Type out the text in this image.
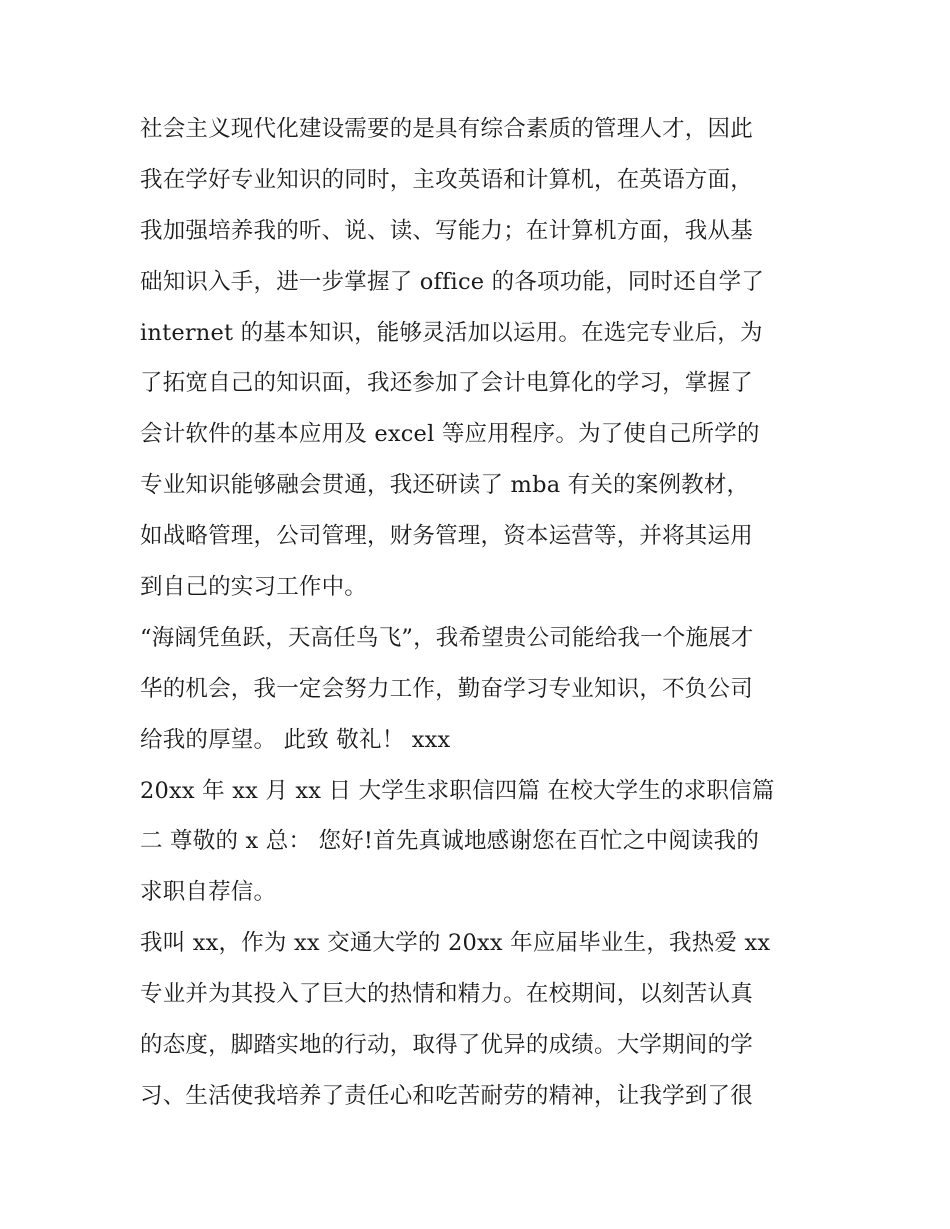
社会主义现代化建设需要的是具有综合素质的管理人才，因此
我在学好专业知识的同时，主攻英语和计算机，在英语方面，
我加强培养我的听、说、读、写能力；在计算机方面，我从基
础知识入手，进一步掌握了 office 的各项功能，同时还自学了
internet 的基本知识，能够灵活加以运用。在选完专业后，为
了拓宽自己的知识面，我还参加了会计电算化的学习，掌握了
会计软件的基本应用及 excel 等应用程序。为了使自己所学的
专业知识能够融会贯通，我还研读了 mba 有关的案例教材，
如战略管理，公司管理，财务管理，资本运营等，并将其运用
到自己的实习工作中。
“海阔凭鱼跃，天高任鸟飞”，我希望贵公司能给我一个施展才
华的机会，我一定会努力工作，勤奋学习专业知识，不负公司
给我的厚望。 此致 敬礼！ xxx
20xx 年 xx 月 xx 日 大学生求职信四篇 在校大学生的求职信篇
二 尊敬的 x 总： 您好!首先真诚地感谢您在百忙之中阅读我的
求职自荐信。
我叫 xx，作为 xx 交通大学的 20xx 年应届毕业生，我热爱 xx
专业并为其投入了巨大的热情和精力。在校期间，以刻苦认真
的态度，脚踏实地的行动，取得了优异的成绩。大学期间的学
习、生活使我培养了责任心和吃苦耐劳的精神，让我学到了很
